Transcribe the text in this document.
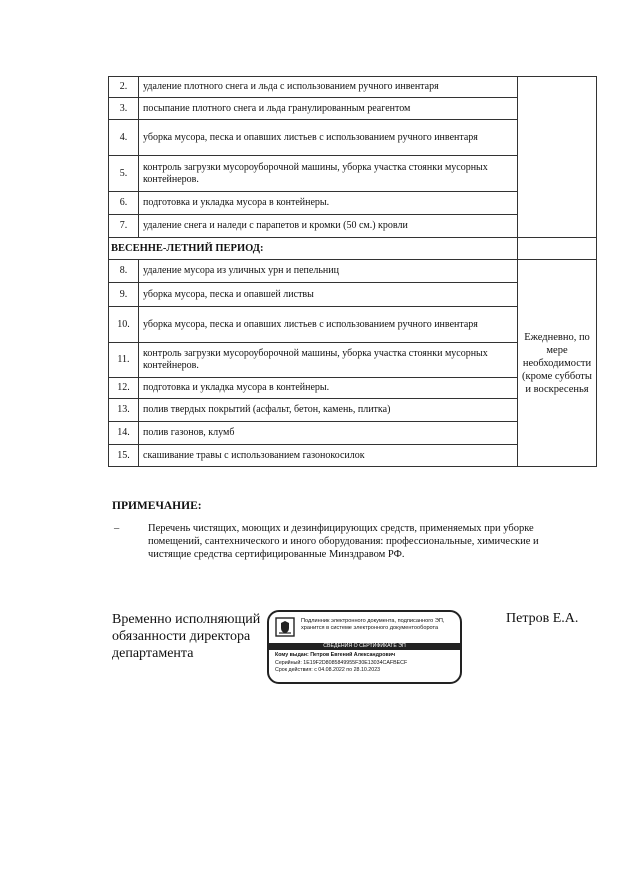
2.	удаление плотного снега и льда с использованием ручного инвентаря	
3.	посыпание плотного снега и льда гранулированным реагентом	
4.	уборка мусора, песка и опавших листьев с использованием ручного инвентаря	
5.	контроль загрузки мусороуборочной машины, уборка участка стоянки мусорных контейнеров.	
6.	подготовка и укладка мусора в контейнеры.	
7.	удаление снега и наледи с парапетов и кромки (50 см.) кровли	
ВЕСЕННЕ-ЛЕТНИЙ ПЕРИОД:		
8.	удаление мусора из уличных урн и пепельниц	Ежедневно, по мере необходимости (кроме субботы и воскресенья
9.	уборка мусора, песка и опавшей листвы	
10.	уборка мусора, песка и опавших листьев с использованием ручного инвентаря	
11.	контроль загрузки мусороуборочной машины, уборка участка стоянки мусорных контейнеров.	
12.	подготовка и укладка мусора в контейнеры.	
13.	полив твердых покрытий (асфальт, бетон, камень, плитка)	
14.	полив газонов, клумб	
15.	скашивание травы с использованием газонокосилок	
ПРИМЕЧАНИЕ:
–	Перечень чистящих, моющих и дезинфицирующих средств, применяемых при уборке помещений, сантехнического и иного оборудования: профессиональные, химические и чистящие средства сертифицированные Минздравом РФ.
Временно исполняющий обязанности директора департамента
Петров Е.А.
Подлинник электронного документа, подписанного ЭП, хранится в системе электронного документооборота
СВЕДЕНИЯ О СЕРТИФИКАТЕ ЭП
Кому выдан: Петров Евгений Александрович
Серийный: 1E19F2D8085849955F30E13034CAFBECF
Срок действия: с 04.08.2022 по 28.10.2023
